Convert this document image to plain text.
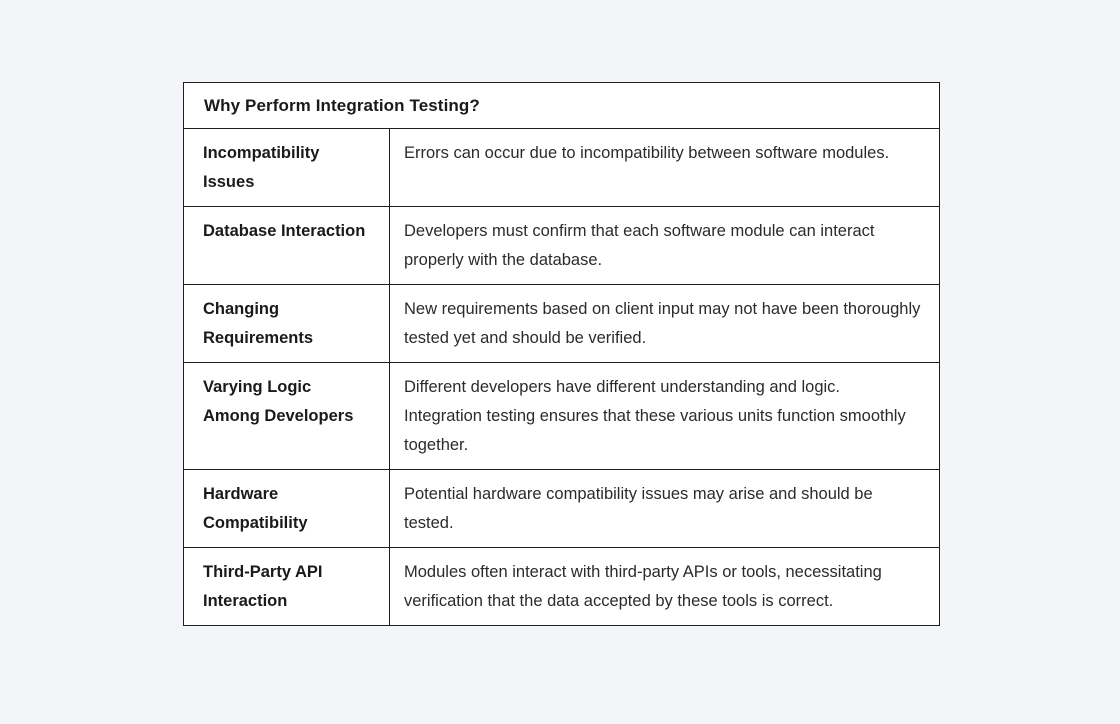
Why Perform Integration Testing?	
Incompatibility Issues	Errors can occur due to incompatibility between software modules.
Database Interaction	Developers must confirm that each software module can interact properly with the database.
Changing Requirements	New requirements based on client input may not have been thoroughly tested yet and should be verified.
Varying Logic Among Developers	Different developers have different understanding and logic. Integration testing ensures that these various units function smoothly together.
Hardware Compatibility	Potential hardware compatibility issues may arise and should be tested.
Third-Party API Interaction	Modules often interact with third-party APIs or tools, necessitating verification that the data accepted by these tools is correct.
